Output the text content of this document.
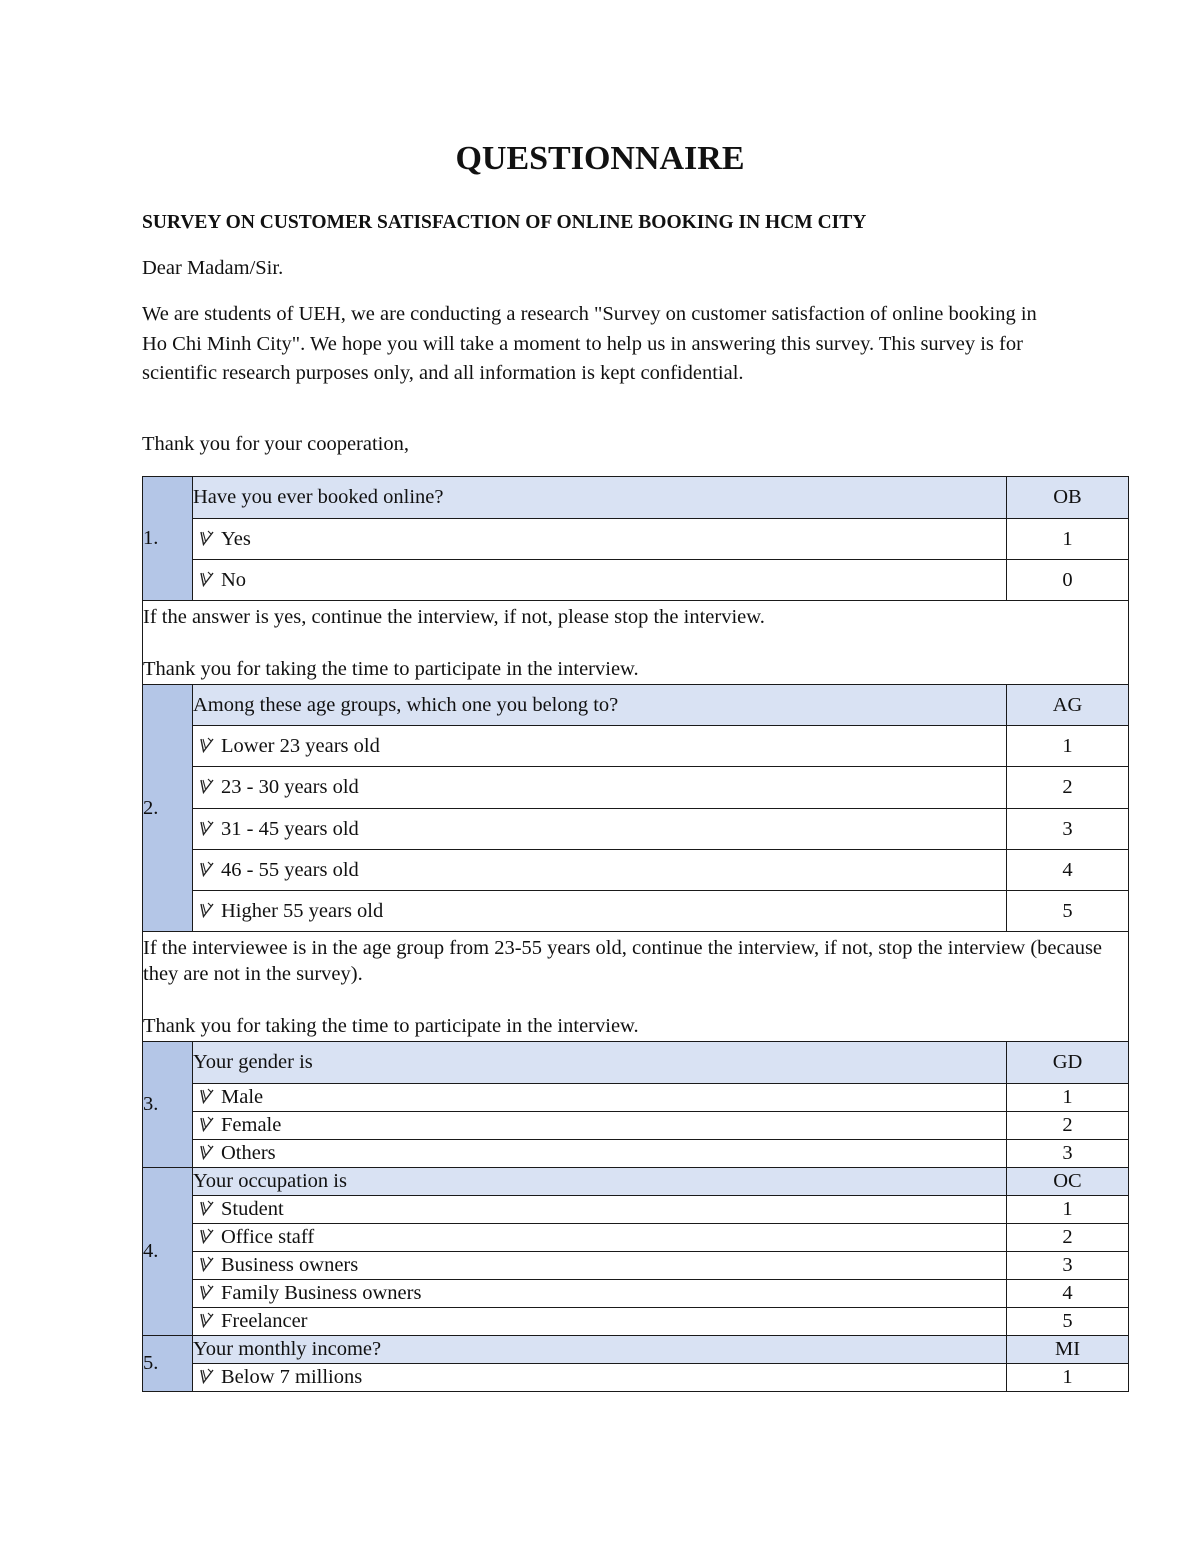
QUESTIONNAIRE
SURVEY ON CUSTOMER SATISFACTION OF ONLINE BOOKING IN HCM CITY
Dear Madam/Sir.
We are students of UEH, we are conducting a research "Survey on customer satisfaction of online booking in Ho Chi Minh City". We hope you will take a moment to help us in answering this survey. This survey is for scientific research purposes only, and all information is kept confidential.
Thank you for your cooperation,
1.	Have you ever booked online?	OB
	Yes	1
	No	0
If the answer is yes, continue the interview, if not, please stop the interview.
Thank you for taking the time to participate in the interview.		
2.	Among these age groups, which one you belong to?	AG
	Lower 23 years old	1
	23 - 30 years old	2
	31 - 45 years old	3
	46 - 55 years old	4
	Higher 55 years old	5
If the interviewee is in the age group from 23-55 years old, continue the interview, if not, stop the interview (because they are not in the survey).
Thank you for taking the time to participate in the interview.		
3.	Your gender is	GD
	Male	1
	Female	2
	Others	3
4.	Your occupation is	OC
	Student	1
	Office staff	2
	Business owners	3
	Family Business owners	4
	Freelancer	5
5.	Your monthly income?	MI
	Below 7 millions	1
